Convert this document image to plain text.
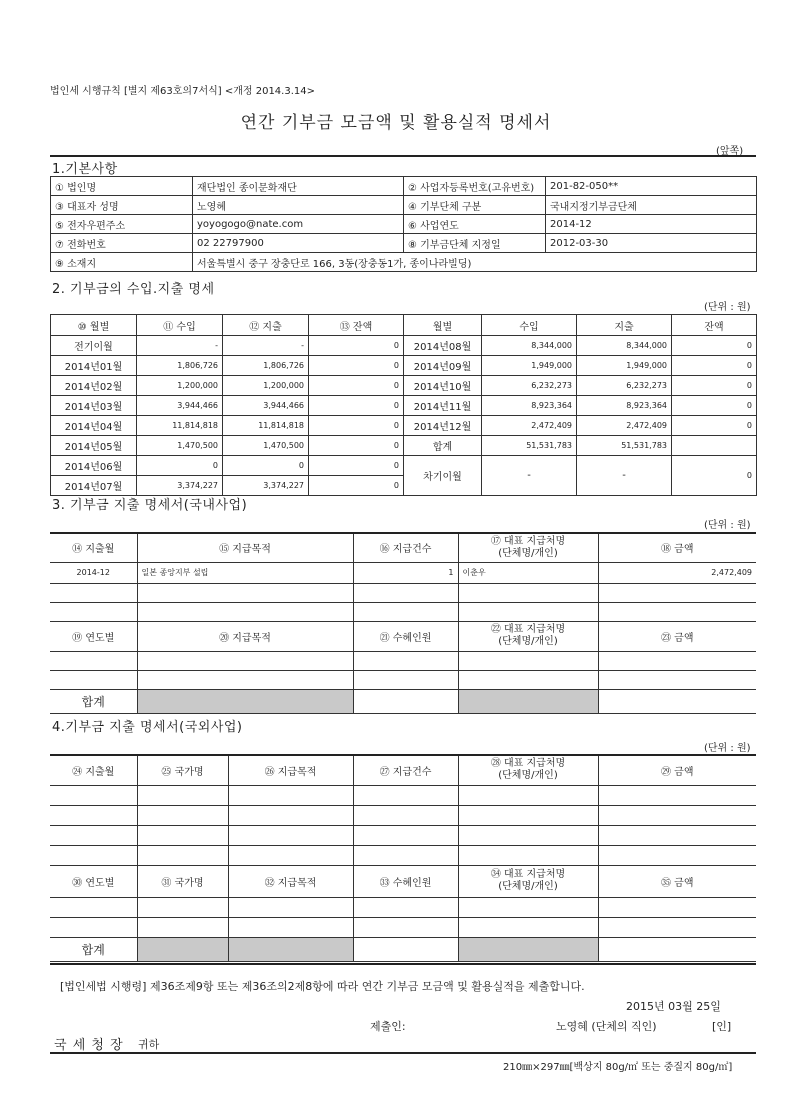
법인세 시행규칙 [별지 제63호의7서식] <개정 2014.3.14>
연간 기부금 모금액 및 활용실적 명세서
(앞쪽)
1.기본사항
① 법인명	재단법인 종이문화재단	② 사업자등록번호(고유번호)	201-82-050**
③ 대표자 성명	노영혜	④ 기부단체 구분	국내지정기부금단체
⑤ 전자우편주소	yoyogogo@nate.com	⑥ 사업연도	2014-12
⑦ 전화번호	02 22797900	⑧ 기부금단체 지정일	2012-03-30
⑨ 소재지	서울특별시 중구 장충단로 166, 3동(장충동1가, 종이나라빌딩)		
2. 기부금의 수입.지출 명세
(단위 : 원)
⑩ 월별	⑪ 수입	⑫ 지출	⑬ 잔액	월별	수입	지출	잔액
전기이월	-	-	0	2014년08월	8,344,000	8,344,000	0
2014년01월	1,806,726	1,806,726	0	2014년09월	1,949,000	1,949,000	0
2014년02월	1,200,000	1,200,000	0	2014년10월	6,232,273	6,232,273	0
2014년03월	3,944,466	3,944,466	0	2014년11월	8,923,364	8,923,364	0
2014년04월	11,814,818	11,814,818	0	2014년12월	2,472,409	2,472,409	0
2014년05월	1,470,500	1,470,500	0	합계	51,531,783	51,531,783	
2014년06월	0	0	0	차기이월	-	-	0
2014년07월	3,374,227	3,374,227	0				
3. 기부금 지출 명세서(국내사업)
(단위 : 원)
⑭ 지출월	⑮ 지급목적	⑯ 지급건수	⑰ 대표 지급처명
(단체명/개인)	⑱ 금액
2014-12	일본 종앙지부 설립	1	이춘우	2,472,409

⑲ 연도별	⑳ 지급목적	㉑ 수혜인원	㉒ 대표 지급처명
(단체명/개인)	㉓ 금액

합계				
4.기부금 지출 명세서(국외사업)
(단위 : 원)
㉔ 지출월	㉕ 국가명	㉖ 지급목적	㉗ 지급건수	㉘ 대표 지급처명
(단체명/개인)	㉙ 금액

㉚ 연도별	㉛ 국가명	㉜ 지급목적	㉝ 수혜인원	㉞ 대표 지급처명
(단체명/개인)	㉟ 금액

합계					
[법인세법 시행령] 제36조제9항 또는 제36조의2제8항에 따라 연간 기부금 모금액 및 활용실적을 제출합니다.
2015년 03월 25일
제출인:	노영혜 (단체의 직인)	[인]
국 세 청 장 귀하
210㎜×297㎜[백상지 80g/㎡ 또는 중질지 80g/㎡]
